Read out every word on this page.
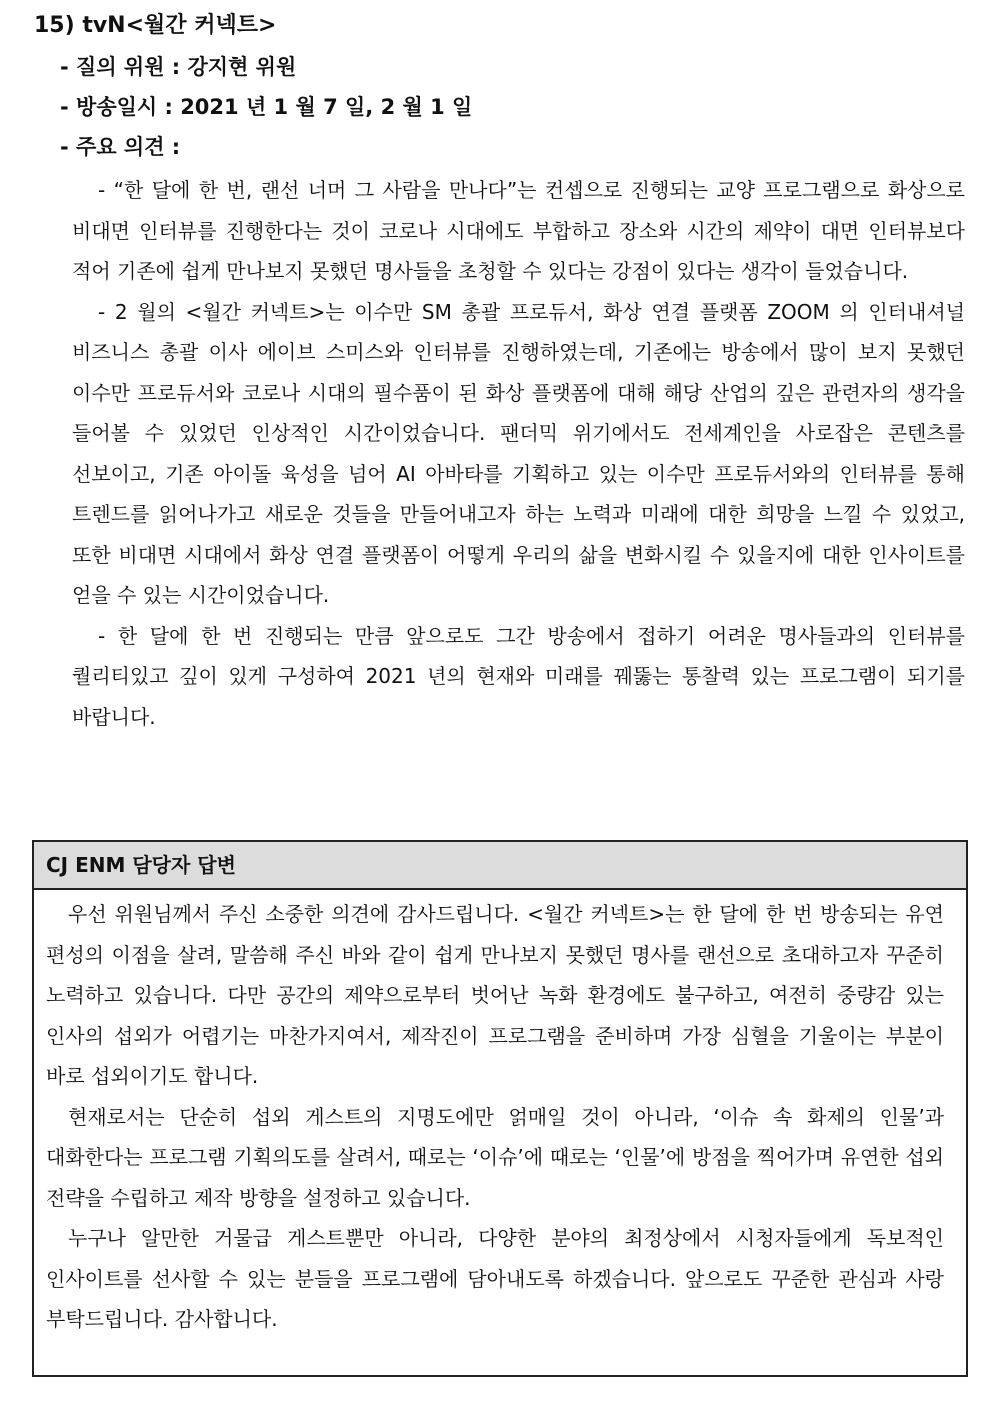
15) tvN<월간 커넥트>
- 질의 위원 : 강지현 위원
- 방송일시 : 2021 년 1 월 7 일, 2 월 1 일
- 주요 의견 :

- “한 달에 한 번, 랜선 너머 그 사람을 만나다”는 컨셉으로 진행되는 교양 프로그램으로 화상으로 비대면 인터뷰를 진행한다는 것이 코로나 시대에도 부합하고 장소와 시간의 제약이 대면 인터뷰보다 적어 기존에 쉽게 만나보지 못했던 명사들을 초청할 수 있다는 강점이 있다는 생각이 들었습니다.

- 2 월의 <월간 커넥트>는 이수만 SM 총괄 프로듀서, 화상 연결 플랫폼 ZOOM 의 인터내셔널 비즈니스 총괄 이사 에이브 스미스와 인터뷰를 진행하였는데, 기존에는 방송에서 많이 보지 못했던 이수만 프로듀서와 코로나 시대의 필수품이 된 화상 플랫폼에 대해 해당 산업의 깊은 관련자의 생각을 들어볼 수 있었던 인상적인 시간이었습니다. 팬더믹 위기에서도 전세계인을 사로잡은 콘텐츠를 선보이고, 기존 아이돌 육성을 넘어 AI 아바타를 기획하고 있는 이수만 프로듀서와의 인터뷰를 통해 트렌드를 읽어나가고 새로운 것들을 만들어내고자 하는 노력과 미래에 대한 희망을 느낄 수 있었고, 또한 비대면 시대에서 화상 연결 플랫폼이 어떻게 우리의 삶을 변화시킬 수 있을지에 대한 인사이트를 얻을 수 있는 시간이었습니다.

- 한 달에 한 번 진행되는 만큼 앞으로도 그간 방송에서 접하기 어려운 명사들과의 인터뷰를 퀄리티있고 깊이 있게 구성하여 2021 년의 현재와 미래를 꿰뚫는 통찰력 있는 프로그램이 되기를 바랍니다.

CJ ENM 담당자 답변

우선 위원님께서 주신 소중한 의견에 감사드립니다. <월간 커넥트>는 한 달에 한 번 방송되는 유연 편성의 이점을 살려, 말씀해 주신 바와 같이 쉽게 만나보지 못했던 명사를 랜선으로 초대하고자 꾸준히 노력하고 있습니다. 다만 공간의 제약으로부터 벗어난 녹화 환경에도 불구하고, 여전히 중량감 있는 인사의 섭외가 어렵기는 마찬가지여서, 제작진이 프로그램을 준비하며 가장 심혈을 기울이는 부분이 바로 섭외이기도 합니다.

현재로서는 단순히 섭외 게스트의 지명도에만 얽매일 것이 아니라, ‘이슈 속 화제의 인물’과 대화한다는 프로그램 기획의도를 살려서, 때로는 ‘이슈’에 때로는 ‘인물’에 방점을 찍어가며 유연한 섭외 전략을 수립하고 제작 방향을 설정하고 있습니다.

누구나 알만한 거물급 게스트뿐만 아니라, 다양한 분야의 최정상에서 시청자들에게 독보적인 인사이트를 선사할 수 있는 분들을 프로그램에 담아내도록 하겠습니다. 앞으로도 꾸준한 관심과 사랑 부탁드립니다. 감사합니다.
